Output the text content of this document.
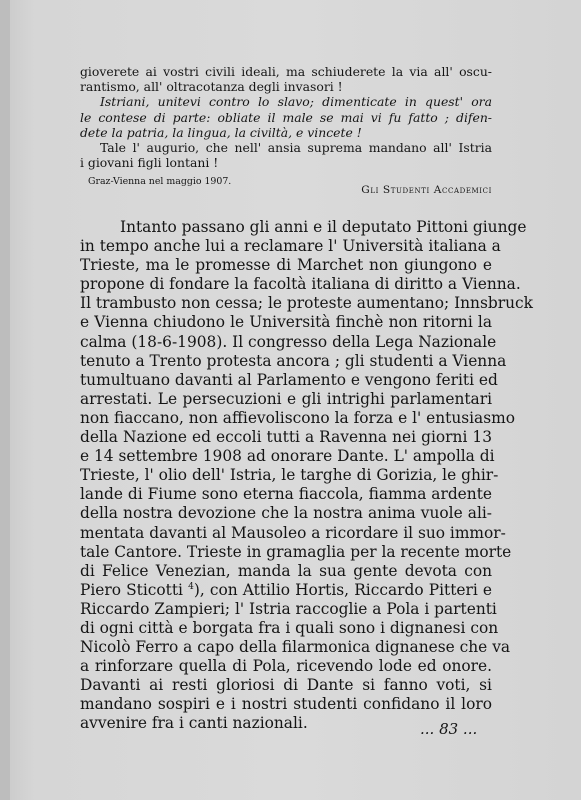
gioverete ai vostri civili ideali, ma schiuderete la via all' oscu-
rantismo, all' oltracotanza degli invasori !
Istriani, unitevi contro lo slavo; dimenticate in quest' ora
le contese di parte: obliate il male se mai vi fu fatto ; difen-
dete la patria, la lingua, la civiltà, e vincete !
Tale l' augurio, che nell' ansia suprema mandano all' Istria
i giovani figli lontani !
Graz-Vienna nel maggio 1907.
Gli Studenti Accademici
Intanto passano gli anni e il deputato Pittoni giunge
in tempo anche lui a reclamare l' Università italiana a
Trieste, ma le promesse di Marchet non giungono e
propone di fondare la facoltà italiana di diritto a Vienna.
Il trambusto non cessa; le proteste aumentano; Innsbruck
e Vienna chiudono le Università finchè non ritorni la
calma (18-6-1908). Il congresso della Lega Nazionale
tenuto a Trento protesta ancora ; gli studenti a Vienna
tumultuano davanti al Parlamento e vengono feriti ed
arrestati. Le persecuzioni e gli intrighi parlamentari
non fiaccano, non affievoliscono la forza e l' entusiasmo
della Nazione ed eccoli tutti a Ravenna nei giorni 13
e 14 settembre 1908 ad onorare Dante. L' ampolla di
Trieste, l' olio dell' Istria, le targhe di Gorizia, le ghir-
lande di Fiume sono eterna fiaccola, fiamma ardente
della nostra devozione che la nostra anima vuole ali-
mentata davanti al Mausoleo a ricordare il suo immor-
tale Cantore. Trieste in gramaglia per la recente morte
di Felice Venezian, manda la sua gente devota con
Piero Sticotti $^4$), con Attilio Hortis, Riccardo Pitteri e
Riccardo Zampieri; l' Istria raccoglie a Pola i partenti
di ogni città e borgata fra i quali sono i dignanesi con
Nicolò Ferro a capo della filarmonica dignanese che va
a rinforzare quella di Pola, ricevendo lode ed onore.
Davanti ai resti gloriosi di Dante si fanno voti, si
mandano sospiri e i nostri studenti confidano il loro
avvenire fra i canti nazionali.	... 83 ...
